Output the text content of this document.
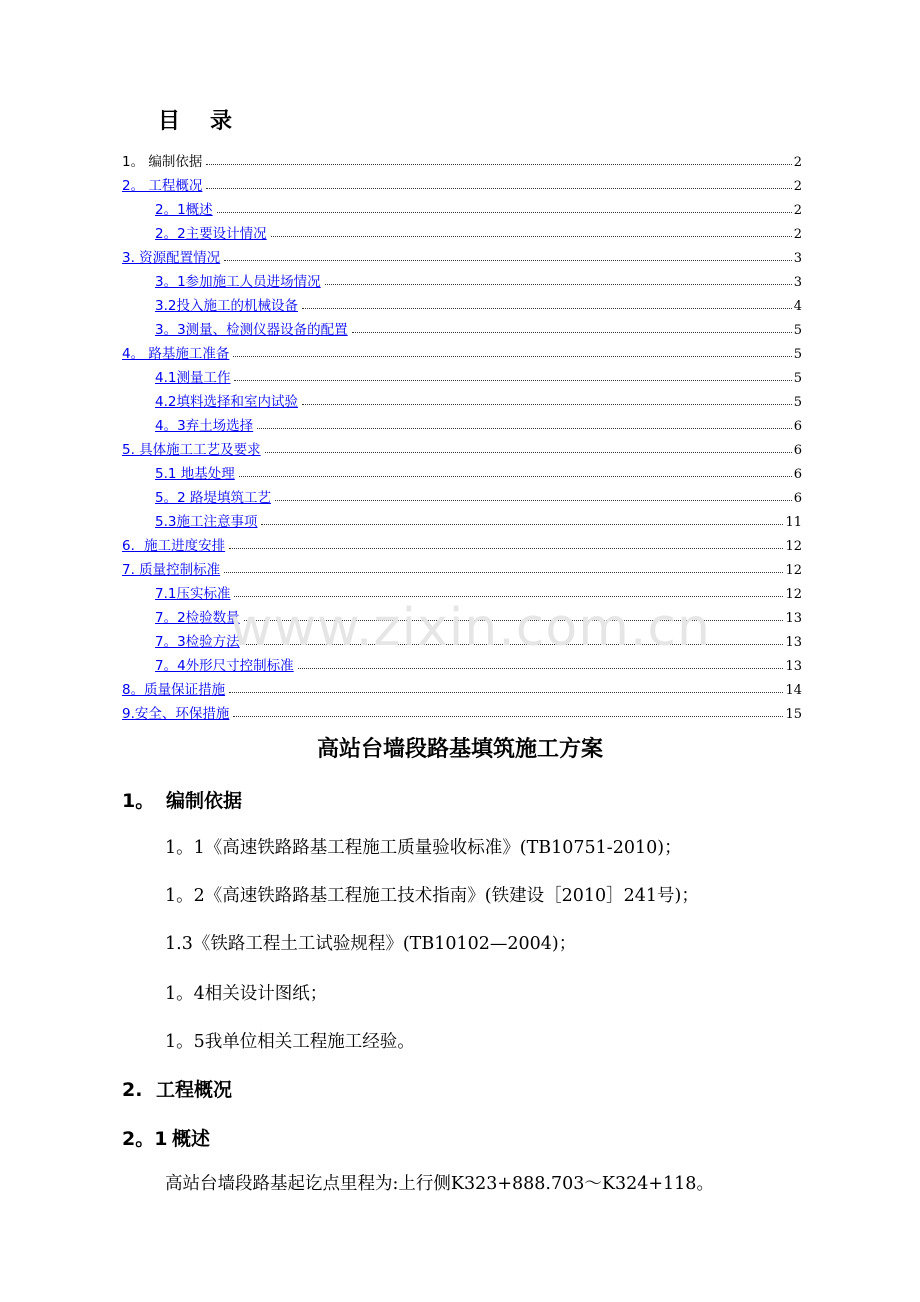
目录
1。 编制依据	2
2。 工程概况	2
2。1概述	2
2。2主要设计情况	2
3. 资源配置情况	3
3。1参加施工人员进场情况	3
3.2投入施工的机械设备	4
3。3测量、检测仪器设备的配置	5
4。 路基施工准备	5
4.1测量工作	5
4.2填料选择和室内试验	5
4。3弃土场选择	6
5. 具体施工工艺及要求	6
5.1 地基处理	6
5。2 路堤填筑工艺	6
5.3施工注意事项	11
6．施工进度安排	12
7. 质量控制标准	12
7.1压实标准	12
7。2检验数量	13
7。3检验方法	13
7。4外形尺寸控制标准	13
8。质量保证措施	14
9.安全、环保措施	15
www.zixin.com.cn
高站台墙段路基填筑施工方案
1。 编制依据

1。1《高速铁路路基工程施工质量验收标准》(TB10751-2010)；

1。2《高速铁路路基工程施工技术指南》(铁建设［2010］241号)；

1.3《铁路工程土工试验规程》(TB10102—2004)；

1。4相关设计图纸；

1。5我单位相关工程施工经验。

2. 工程概况
2。1 概述

高站台墙段路基起讫点里程为:上行侧K323+888.703～K324+118。
